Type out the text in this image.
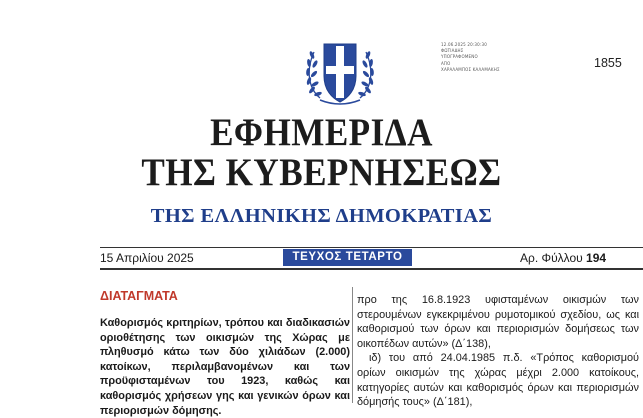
12.06.2025 20:30:30
ΦΩΤΙΑΔΗΣ
ΥΠΟΓΡΑΦΟΜΕΝΟ
ΑΠΟ
ΧΑΡΑΛΑΜΠΟΣ ΚΑΛΑΜΑΚΗΣ	1855
ΕΦΗΜΕΡΙΔΑ
ΤΗΣ ΚΥΒΕΡΝΗΣΕΩΣ
ΤΗΣ ΕΛΛΗΝΙΚΗΣ ΔΗΜΟΚΡΑΤΙΑΣ
15 Απριλίου 2025	ΤΕΥΧΟΣ ΤΕΤΑΡΤΟ	Αρ. Φύλλου 194
ΔΙΑΤΑΓΜΑΤΑ
Καθορισμός κριτηρίων, τρόπου και διαδικασιών οριοθέτησης των οικισμών της Χώρας με πληθυσμό κάτω των δύο χιλιάδων (2.000) κατοίκων, περιλαμβανομένων και των προϋφισταμένων του 1923, καθώς και καθορισμός χρήσεων γης και γενικών όρων και περιορισμών δόμησης.

προ της 16.8.1923 υφισταμένων οικισμών των στερουμένων εγκεκριμένου ρυμοτομικού σχεδίου, ως και καθορισμού των όρων και περιορισμών δομήσεως των οικοπέδων αυτών» (Δ΄138),

ιδ) του από 24.04.1985 π.δ. «Τρόπος καθορισμού ορίων οικισμών της χώρας μέχρι 2.000 κατοίκους, κατηγορίες αυτών και καθορισμός όρων και περιορισμών δόμησής τους» (Δ΄181),
